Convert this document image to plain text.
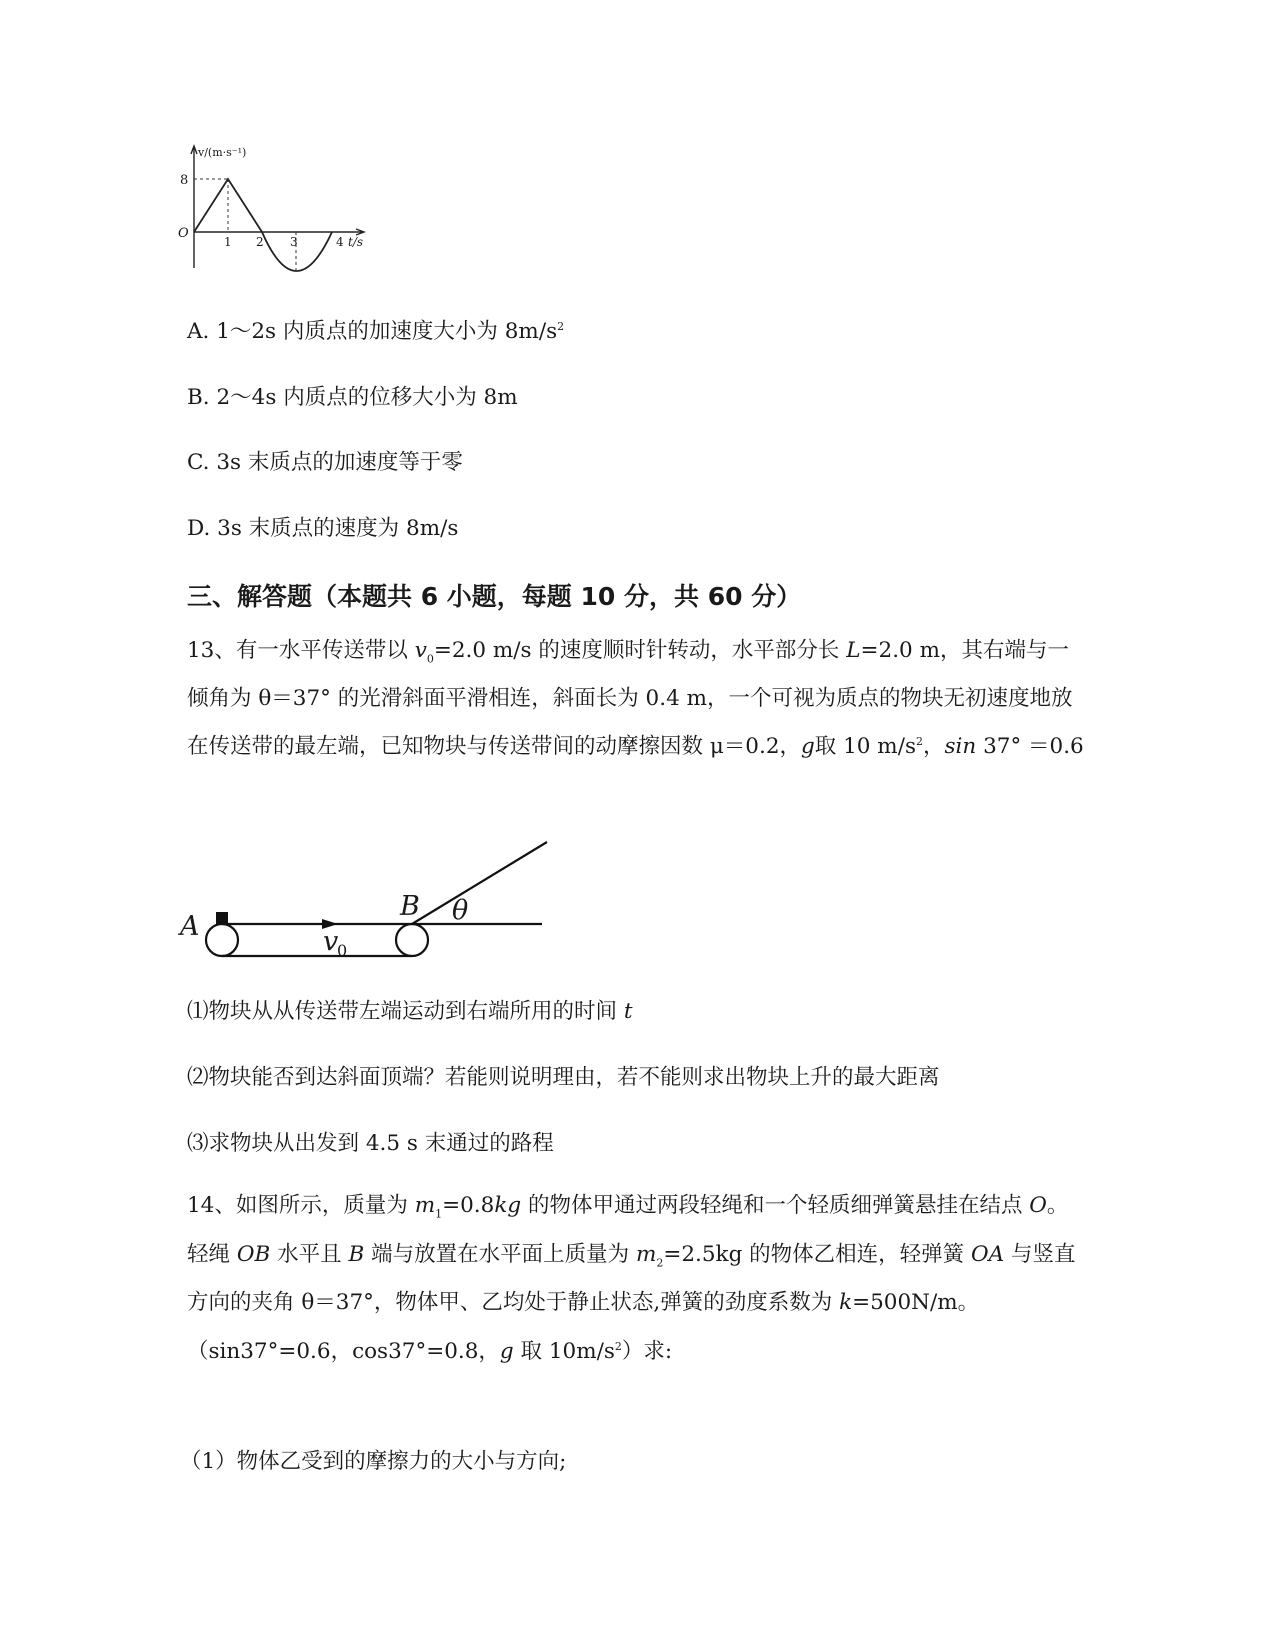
v/(m·s⁻¹)
8
O
1 2 3	4 t/s
A. 1～2s 内质点的加速度大小为 $8m/s^2$
B. 2～4s 内质点的位移大小为 8m
C. 3s 末质点的加速度等于零
D. 3s 末质点的速度为 8m/s
三、解答题（本题共 6 小题，每题 10 分，共 60 分）
13、有一水平传送带以 $v_0=2.0$ m/s 的速度顺时针转动，水平部分长 L=2.0 m，其右端与一倾角为 θ＝37° 的光滑斜面平滑相连，斜面长为 0.4 m，一个可视为质点的物块无初速度地放在传送带的最左端，已知物块与传送带间的动摩擦因数 μ＝0.2，g取 10 $m/s^2$，sin 37° ＝0.6
A
B θ
v
0
⑴物块从从传送带左端运动到右端所用的时间 t
⑵物块能否到达斜面顶端？若能则说明理由，若不能则求出物块上升的最大距离
⑶求物块从出发到 4.5 s 末通过的路程
14、如图所示，质量为 $m_1=0.8kg$ 的物体甲通过两段轻绳和一个轻质细弹簧悬挂在结点 O。轻绳 OB 水平且 B 端与放置在水平面上质量为 $m_2=2.5kg$ 的物体乙相连，轻弹簧 OA 与竖直方向的夹角 θ＝37°，物体甲、乙均处于静止状态,弹簧的劲度系数为 k=500N/m。（sin37°=0.6，cos37°=0.8，g 取 $10m/s^2$）求:
（1）物体乙受到的摩擦力的大小与方向;
